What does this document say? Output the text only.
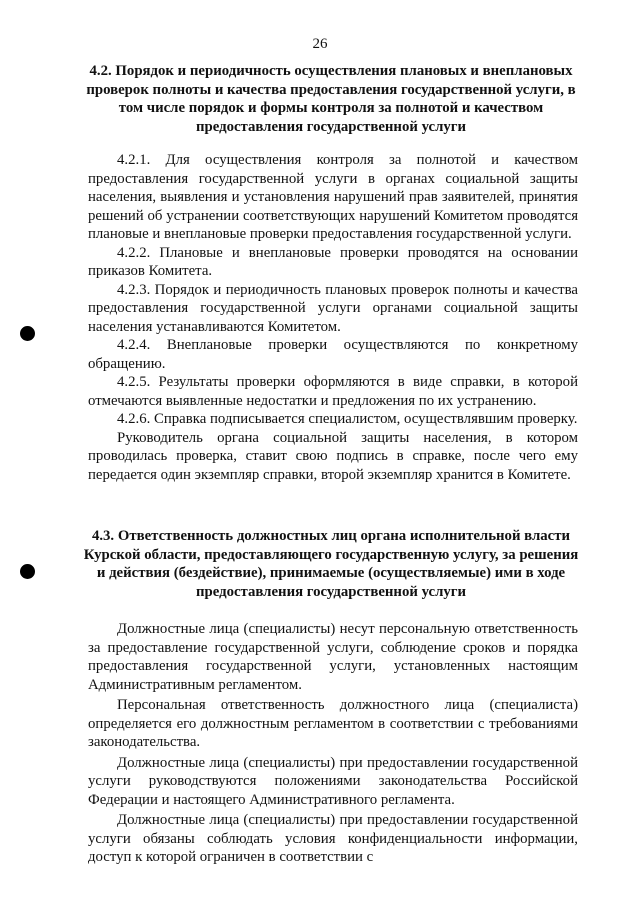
26
4.2. Порядок и периодичность осуществления плановых и внеплановых проверок полноты и качества предоставления государственной услуги, в том числе порядок и формы контроля за полнотой и качеством предоставления государственной услуги

4.2.1. Для осуществления контроля за полнотой и качеством предоставления государственной услуги в органах социальной защиты населения, выявления и установления нарушений прав заявителей, принятия решений об устранении соответствующих нарушений Комитетом проводятся плановые и внеплановые проверки предоставления государственной услуги.

4.2.2. Плановые и внеплановые проверки проводятся на основании приказов Комитета.

4.2.3. Порядок и периодичность плановых проверок полноты и качества предоставления государственной услуги органами социальной защиты населения устанавливаются Комитетом.

4.2.4. Внеплановые проверки осуществляются по конкретному обращению.

4.2.5. Результаты проверки оформляются в виде справки, в которой отмечаются выявленные недостатки и предложения по их устранению.

4.2.6. Справка подписывается специалистом, осуществлявшим проверку.

Руководитель органа социальной защиты населения, в котором проводилась проверка, ставит свою подпись в справке, после чего ему передается один экземпляр справки, второй экземпляр хранится в Комитете.

4.3. Ответственность должностных лиц органа исполнительной власти Курской области, предоставляющего государственную услугу, за решения и действия (бездействие), принимаемые (осуществляемые) ими в ходе предоставления государственной услуги

Должностные лица (специалисты) несут персональную ответственность за предоставление государственной услуги, соблюдение сроков и порядка предоставления государственной услуги, установленных настоящим Административным регламентом.

Персональная ответственность должностного лица (специалиста) определяется его должностным регламентом в соответствии с требованиями законодательства.

Должностные лица (специалисты) при предоставлении государственной услуги руководствуются положениями законодательства Российской Федерации и настоящего Административного регламента.

Должностные лица (специалисты) при предоставлении государственной услуги обязаны соблюдать условия конфиденциальности информации, доступ к которой ограничен в соответствии с
